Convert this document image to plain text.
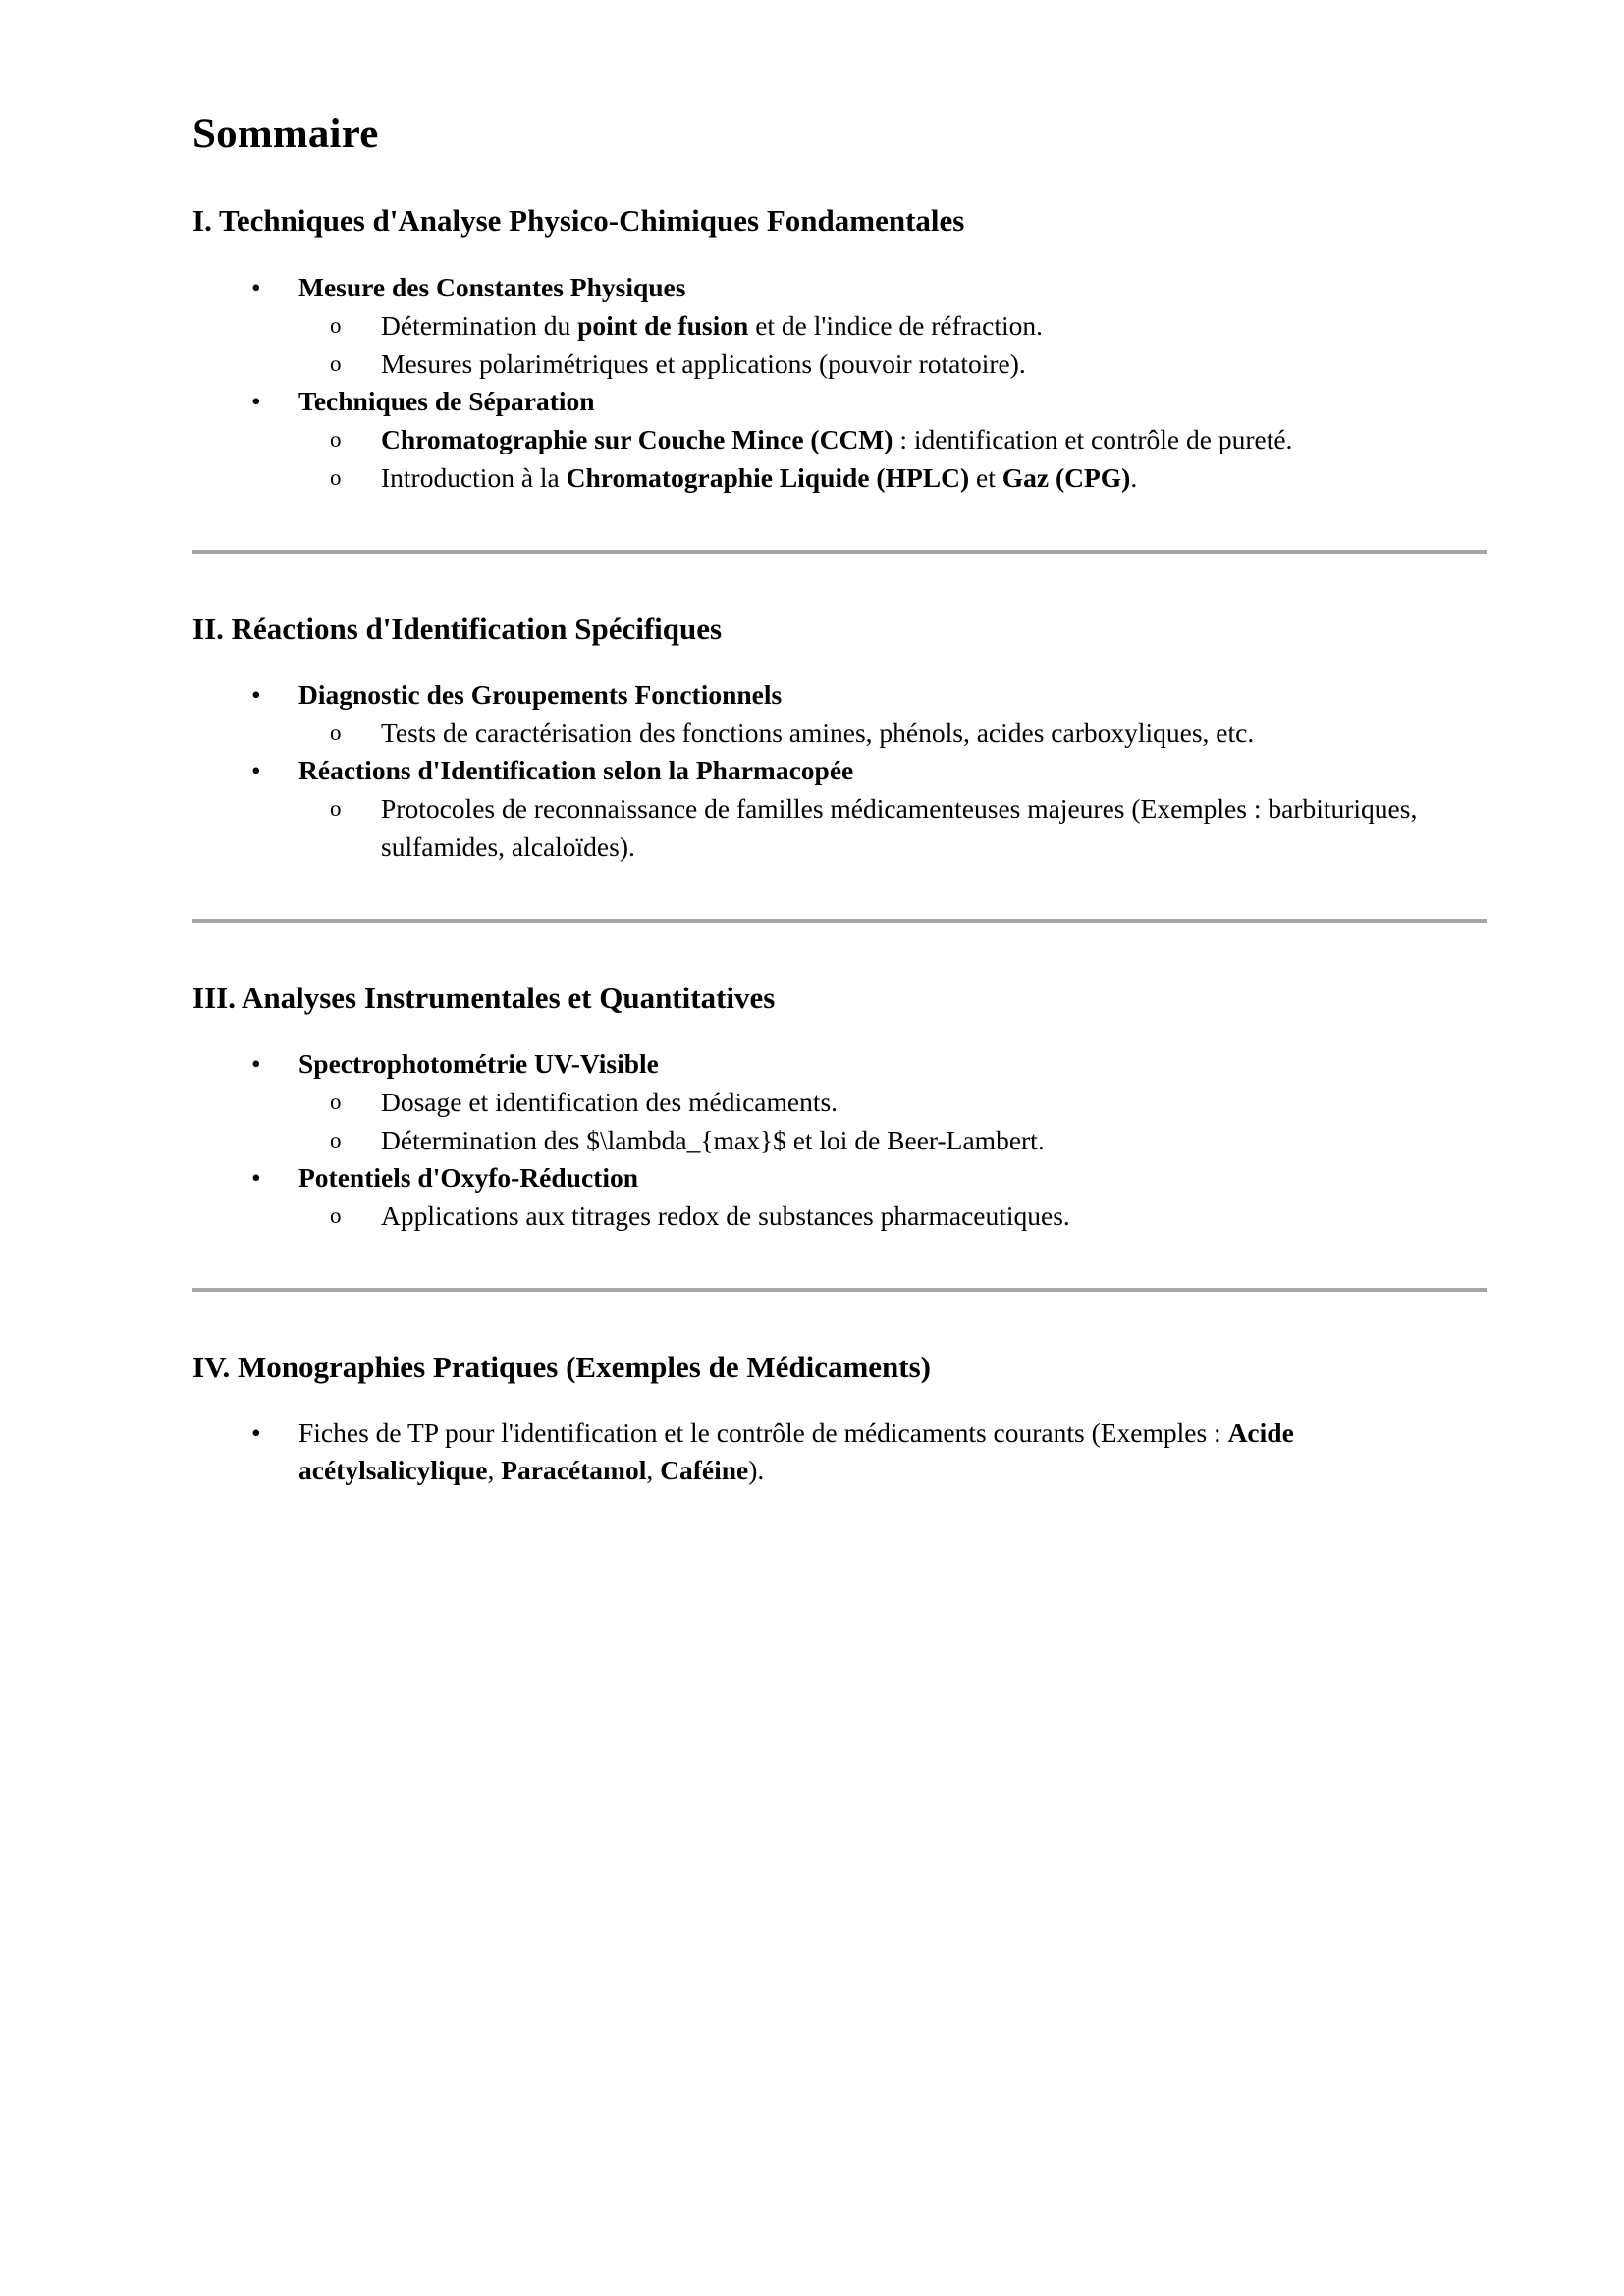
Sommaire
I. Techniques d'Analyse Physico-Chimiques Fondamentales
• Mesure des Constantes Physiques
o Détermination du point de fusion et de l'indice de réfraction.
o Mesures polarimétriques et applications (pouvoir rotatoire).
• Techniques de Séparation
o Chromatographie sur Couche Mince (CCM) : identification et contrôle de pureté.
o Introduction à la Chromatographie Liquide (HPLC) et Gaz (CPG).
II. Réactions d'Identification Spécifiques
• Diagnostic des Groupements Fonctionnels
o Tests de caractérisation des fonctions amines, phénols, acides carboxyliques, etc.
• Réactions d'Identification selon la Pharmacopée
o Protocoles de reconnaissance de familles médicamenteuses majeures (Exemples : barbituriques, sulfamides, alcaloïdes).
III. Analyses Instrumentales et Quantitatives
• Spectrophotométrie UV-Visible
o Dosage et identification des médicaments.
o Détermination des $\lambda_{max}$ et loi de Beer-Lambert.
• Potentiels d'Oxyfo-Réduction
o Applications aux titrages redox de substances pharmaceutiques.
IV. Monographies Pratiques (Exemples de Médicaments)
• Fiches de TP pour l'identification et le contrôle de médicaments courants (Exemples : Acide acétylsalicylique, Paracétamol, Caféine).
